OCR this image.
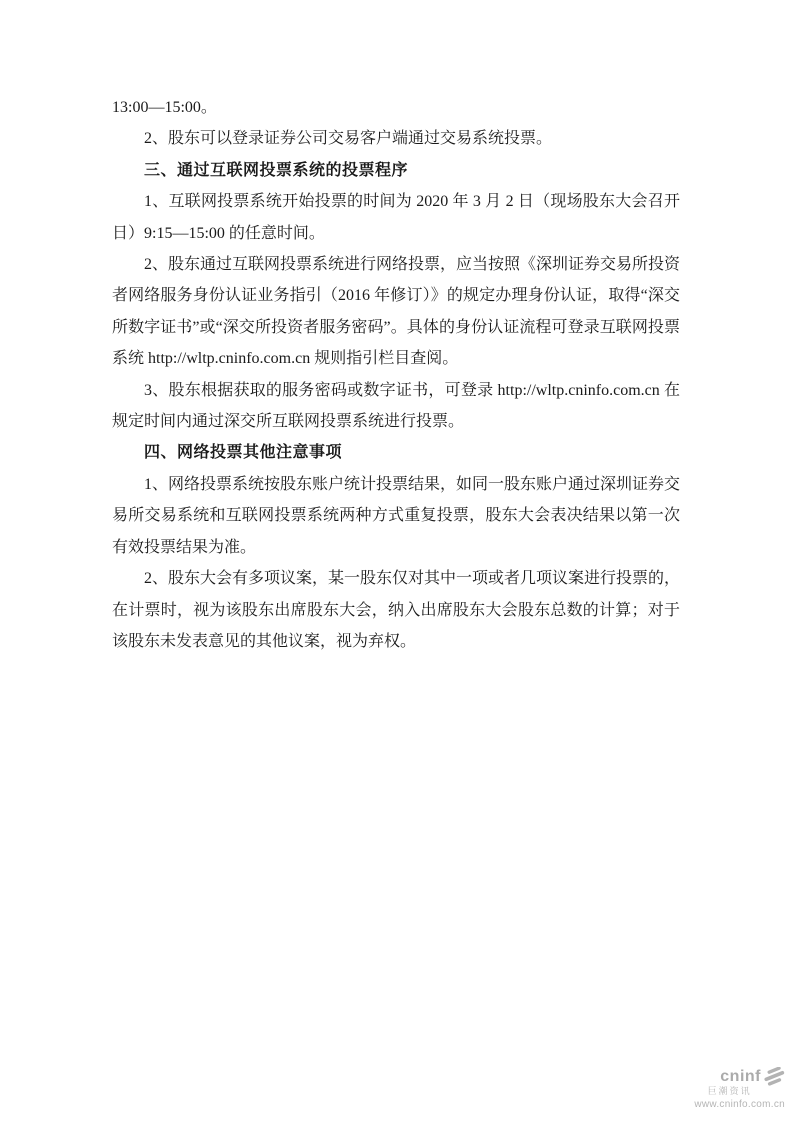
13:00—15:00。

2、股东可以登录证券公司交易客户端通过交易系统投票。

三、通过互联网投票系统的投票程序

1、互联网投票系统开始投票的时间为 2020 年 3 月 2 日（现场股东大会召开日）9:15—15:00 的任意时间。

2、股东通过互联网投票系统进行网络投票，应当按照《深圳证券交易所投资者网络服务身份认证业务指引（2016 年修订）》的规定办理身份认证，取得“深交所数字证书”或“深交所投资者服务密码”。具体的身份认证流程可登录互联网投票系统 http://wltp.cninfo.com.cn 规则指引栏目查阅。

3、股东根据获取的服务密码或数字证书，可登录 http://wltp.cninfo.com.cn 在规定时间内通过深交所互联网投票系统进行投票。

四、网络投票其他注意事项

1、网络投票系统按股东账户统计投票结果，如同一股东账户通过深圳证券交易所交易系统和互联网投票系统两种方式重复投票，股东大会表决结果以第一次有效投票结果为准。

2、股东大会有多项议案，某一股东仅对其中一项或者几项议案进行投票的，在计票时，视为该股东出席股东大会，纳入出席股东大会股东总数的计算；对于该股东未发表意见的其他议案，视为弃权。

cninf
巨潮资讯
www.cninfo.com.cn
